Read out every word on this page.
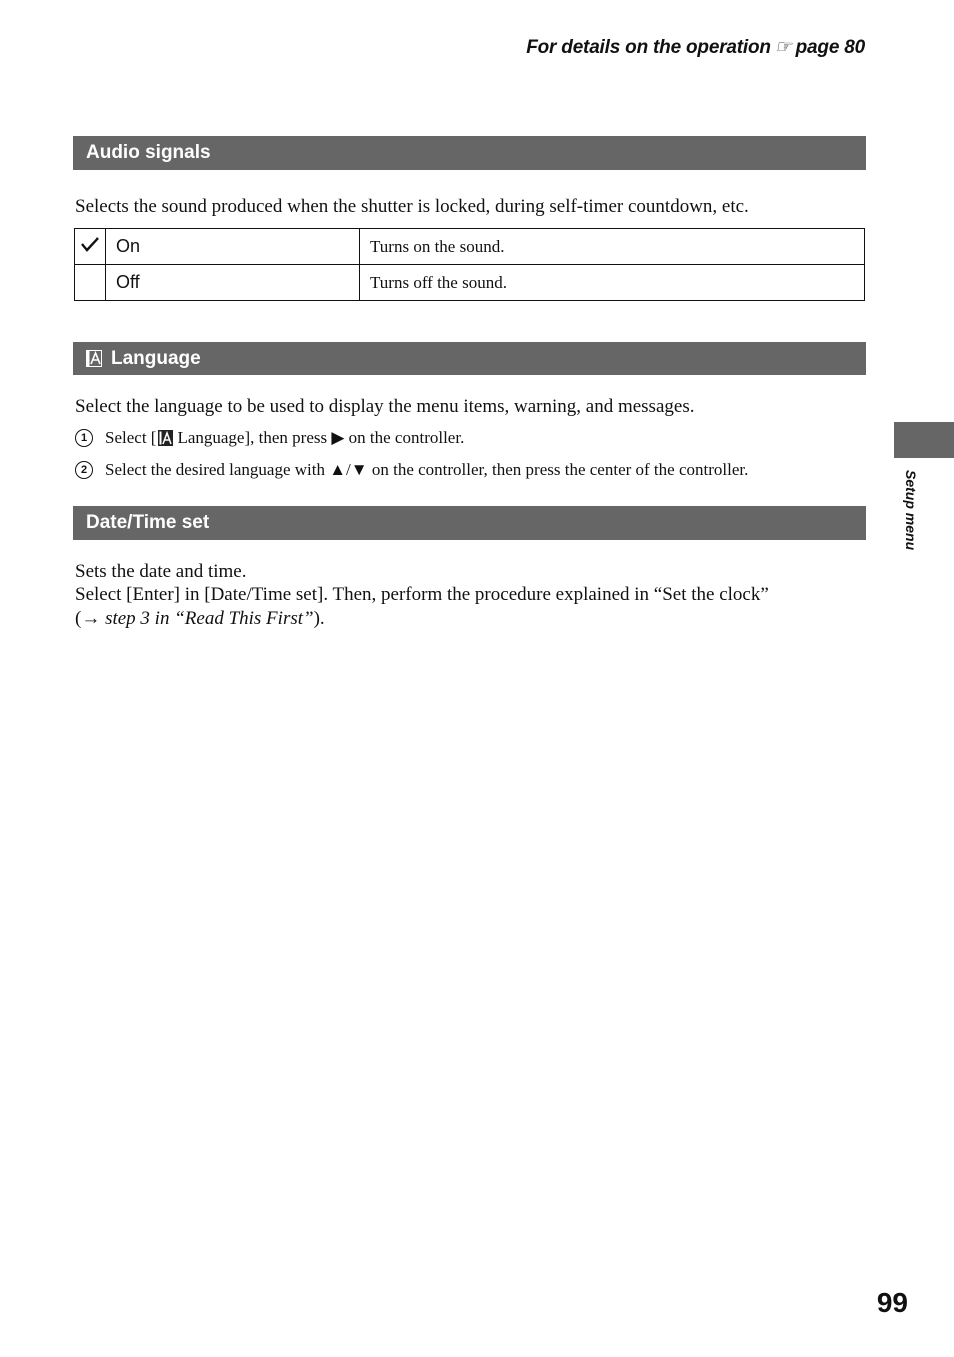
For details on the operation ☞ page 80
Audio signals
Selects the sound produced when the shutter is locked, during self-timer countdown, etc.
	On	Turns on the sound.
	Off	Turns off the sound.
Language
Select the language to be used to display the menu items, warning, and messages.
1	Select [ Language], then press ▶ on the controller.
2	Select the desired language with ▲/▼ on the controller, then press the center of the controller.
Date/Time set
Sets the date and time.
Select [Enter] in [Date/Time set]. Then, perform the procedure explained in “Set the clock”
(→ step 3 in “Read This First”).
Setup menu
99
